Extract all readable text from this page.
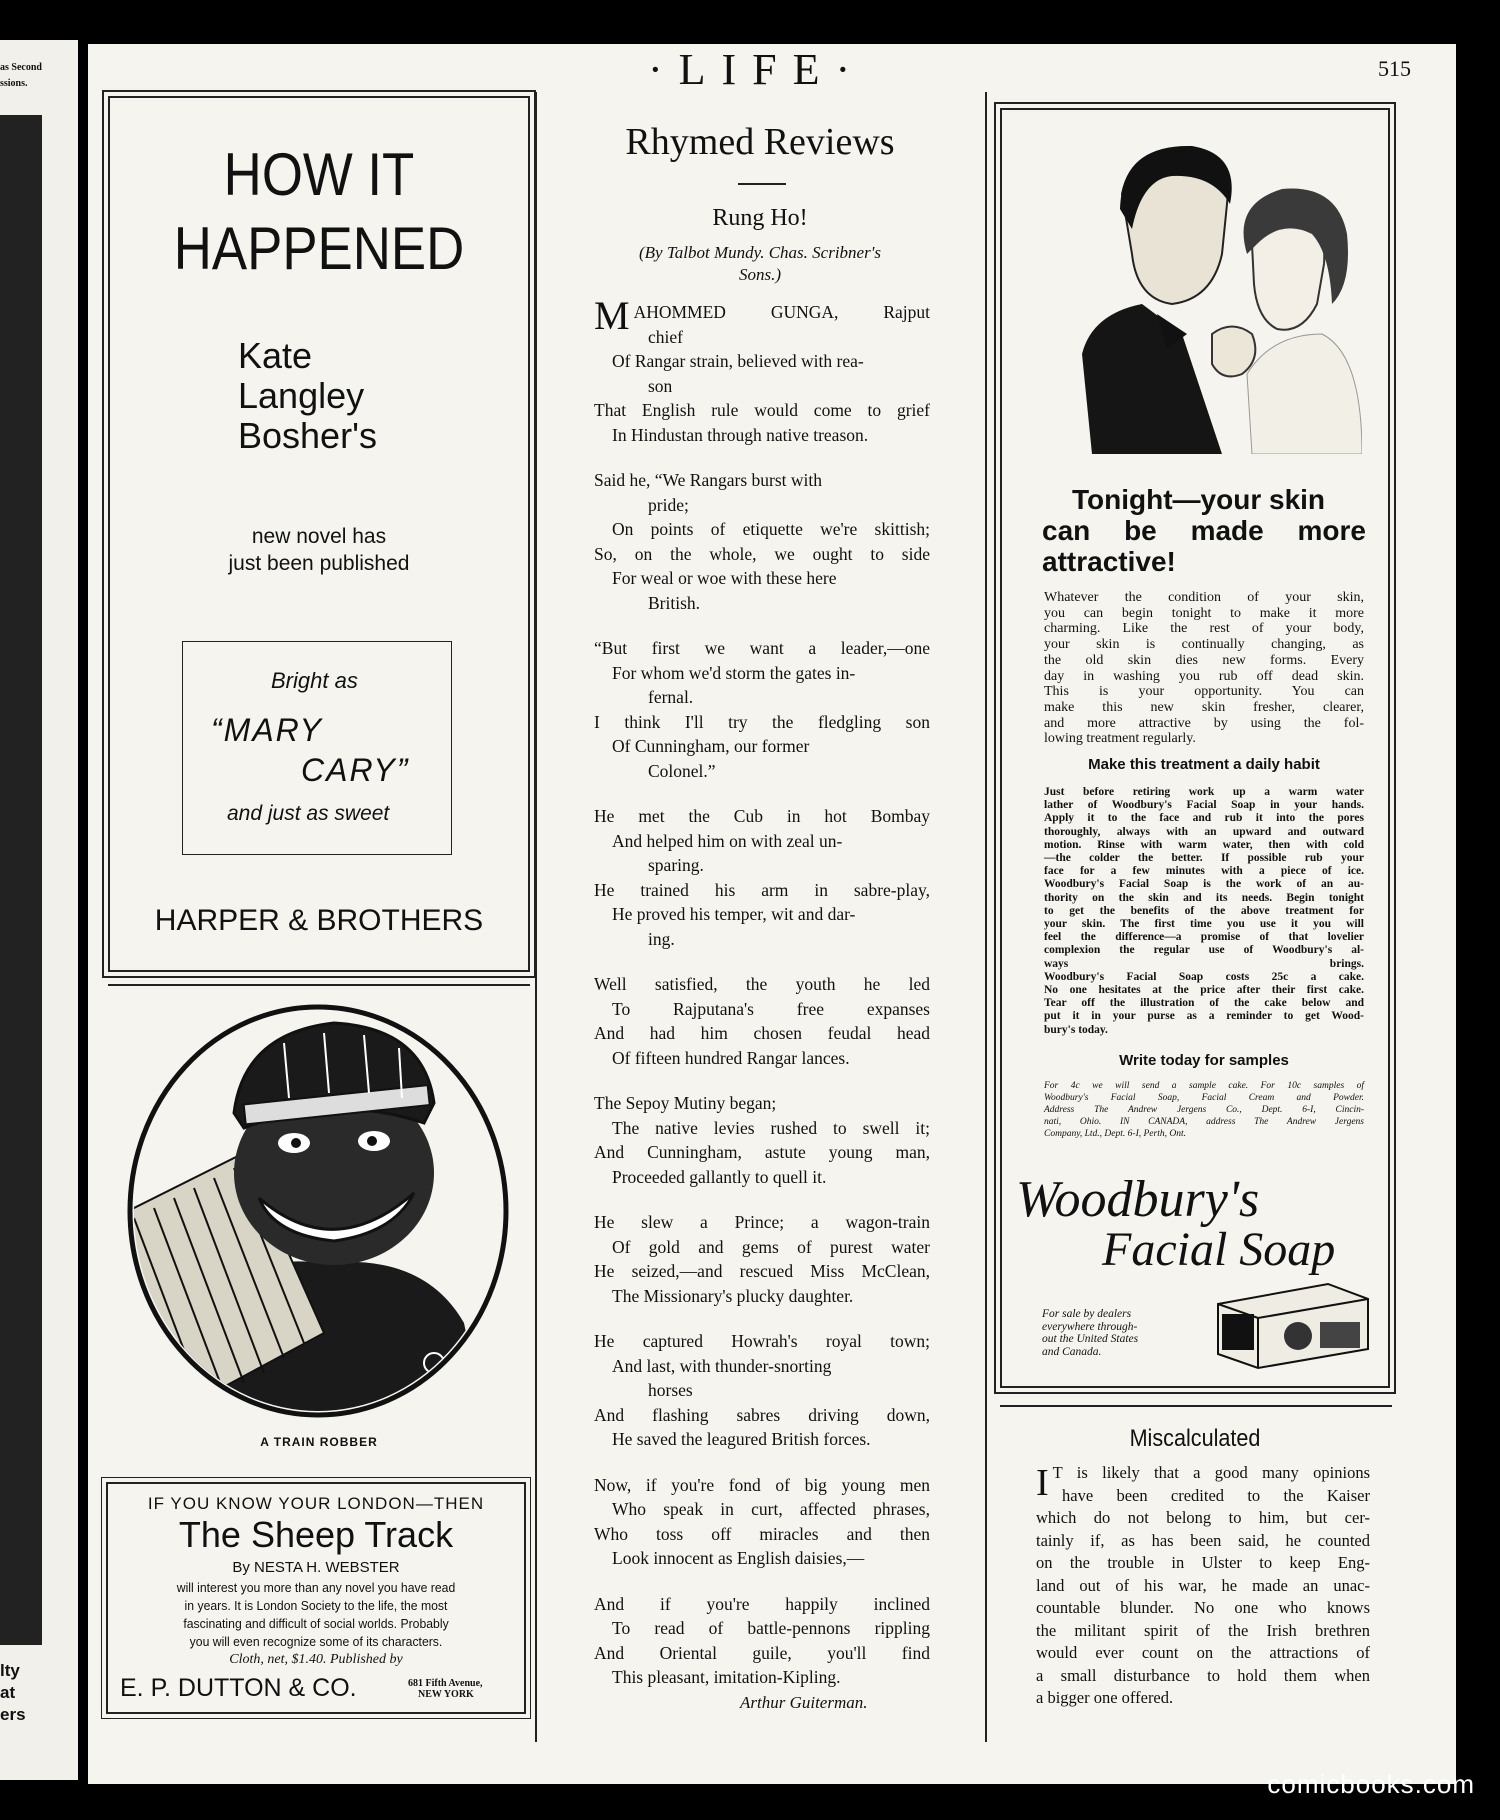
as Second
ssions.
lty
at
ers
·LIFE·	515
HOW IT
HAPPENED
Kate
Langley
Bosher's
new novel has
just been published
Bright as
“MARY
CARY”
and just as sweet
HARPER & BROTHERS
A TRAIN ROBBER
IF YOU KNOW YOUR LONDON—THEN
The Sheep Track
By NESTA H. WEBSTER
will interest you more than any novel you have read
in years. It is London Society to the life, the most
fascinating and difficult of social worlds. Probably
you will even recognize some of its characters.
Cloth, net, $1.40. Published by
E. P. DUTTON & CO.	681 Fifth Avenue,
NEW YORK
Rhymed Reviews
Rung Ho!
(By Talbot Mundy. Chas. Scribner's
Sons.)
MAHOMMED GUNGA, Rajput
chief
Of Rangar strain, believed with rea-
son
That English rule would come to grief
In Hindustan through native treason.
Said he, “We Rangars burst with
pride;
On points of etiquette we're skittish;
So, on the whole, we ought to side
For weal or woe with these here
British.
“But first we want a leader,—one
For whom we'd storm the gates in-
fernal.
I think I'll try the fledgling son
Of Cunningham, our former
Colonel.”
He met the Cub in hot Bombay
And helped him on with zeal un-
sparing.
He trained his arm in sabre-play,
He proved his temper, wit and dar-
ing.
Well satisfied, the youth he led
To Rajputana's free expanses
And had him chosen feudal head
Of fifteen hundred Rangar lances.
The Sepoy Mutiny began;
The native levies rushed to swell it;
And Cunningham, astute young man,
Proceeded gallantly to quell it.
He slew a Prince; a wagon-train
Of gold and gems of purest water
He seized,—and rescued Miss McClean,
The Missionary's plucky daughter.
He captured Howrah's royal town;
And last, with thunder-snorting
horses
And flashing sabres driving down,
He saved the leagured British forces.
Now, if you're fond of big young men
Who speak in curt, affected phrases,
Who toss off miracles and then
Look innocent as English daisies,—
And if you're happily inclined
To read of battle-pennons rippling
And Oriental guile, you'll find
This pleasant, imitation-Kipling.
Arthur Guiterman.
Tonight—your skin
can be made more
attractive!
Whatever the condition of your skin,
you can begin tonight to make it more
charming. Like the rest of your body,
your skin is continually changing, as
the old skin dies new forms. Every
day in washing you rub off dead skin.
This is your opportunity. You can
make this new skin fresher, clearer,
and more attractive by using the fol-
lowing treatment regularly.
Make this treatment a daily habit
Just before retiring work up a warm water
lather of Woodbury's Facial Soap in your hands.
Apply it to the face and rub it into the pores
thoroughly, always with an upward and outward
motion. Rinse with warm water, then with cold
—the colder the better. If possible rub your
face for a few minutes with a piece of ice.
Woodbury's Facial Soap is the work of an au-
thority on the skin and its needs. Begin tonight
to get the benefits of the above treatment for
your skin. The first time you use it you will
feel the difference—a promise of that lovelier
complexion the regular use of Woodbury's al-
ways brings.
Woodbury's Facial Soap costs 25c a cake.
No one hesitates at the price after their first cake.
Tear off the illustration of the cake below and
put it in your purse as a reminder to get Wood-
bury's today.
Write today for samples
For 4c we will send a sample cake. For 10c samples of
Woodbury's Facial Soap, Facial Cream and Powder.
Address The Andrew Jergens Co., Dept. 6-I, Cincin-
nati, Ohio. IN CANADA, address The Andrew Jergens
Company, Ltd., Dept. 6-I, Perth, Ont.
Woodbury's
Facial Soap
For sale by dealers
everywhere through-
out the United States
and Canada.
Miscalculated
I T is likely that a good many opinions
have been credited to the Kaiser
which do not belong to him, but cer-
tainly if, as has been said, he counted
on the trouble in Ulster to keep Eng-
land out of his war, he made an unac-
countable blunder. No one who knows
the militant spirit of the Irish brethren
would ever count on the attractions of
a small disturbance to hold them when
a bigger one offered.
comicbooks.com
